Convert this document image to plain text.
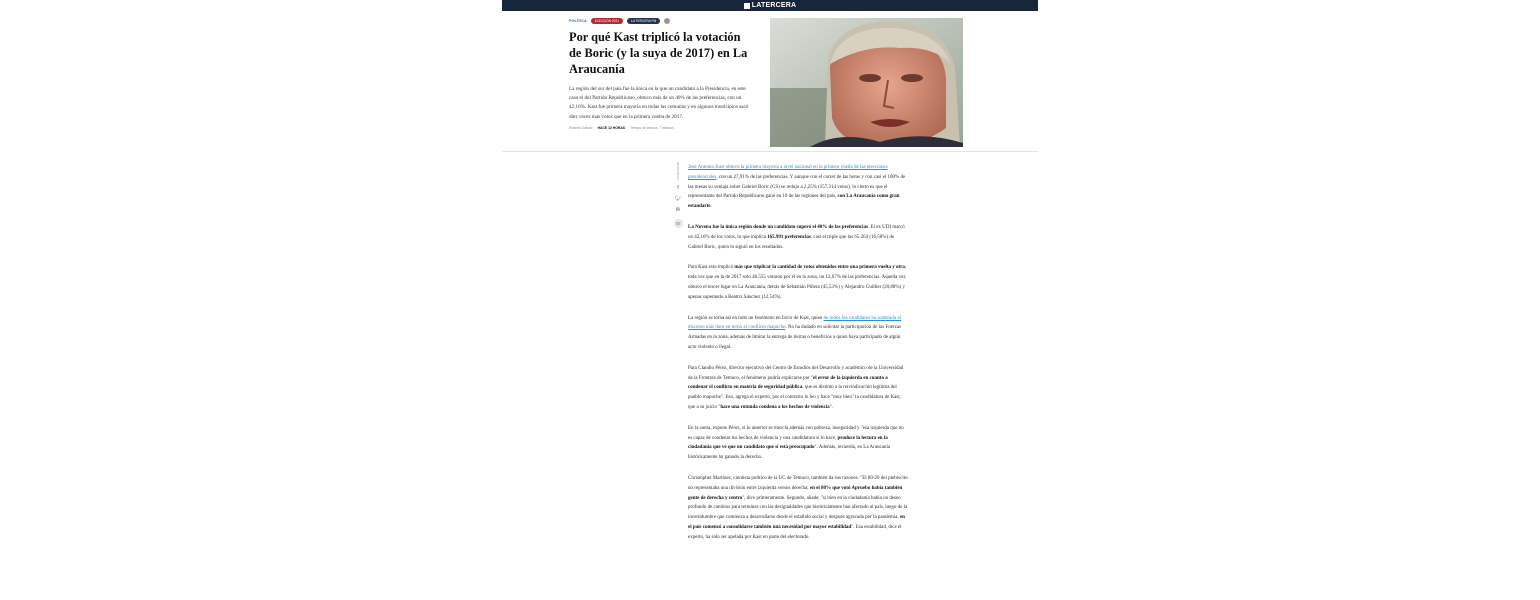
LATERCERA
POLÍTICA	ELECCIÓN 2021	LA TERCERA PM
Por qué Kast triplicó la votación de Boric (y la suya de 2017) en La Araucanía

La región del sur del país fue la única en la que un candidato a la Presidencia, en este caso el del Partido Republicano, obtuvo más de un 40% de las preferencias, con un 42,16%. Kast fue primera mayoría en todas las comunas y en algunos municipios sacó diez veces más votos que en la primera vuelta de 2017.

Roberto Gálvez HACE 12 HORAS Tiempo de lectura: 7 minutos
COMPARTIR
f
🐦︎
✉
💬︎

José Antonio Kast obtuvo la primera mayoría a nivel nacional en la primera vuelta de las elecciones presidenciales, con un 27,91% de las preferencias. Y aunque con el correr de las horas y con casi el 100% de las mesas su ventaja sobre Gabriel Boric (CS) se redujo a 2,25% (157,314 votos), lo cierto es que el representante del Partido Republicano ganó en 10 de las regiones del país, con La Araucanía como gran estandarte.

La Novena fue la única región donde un candidato superó el 40% de las preferencias. El ex UDI marcó un 42,16% de los votos, lo que implica 165.991 preferencias, casi el triple que las 65.264 (16,58%) de Gabriel Boric, quien lo siguió en los resultados.

Para Kast esto implicó más que triplicar la cantidad de votos obtenidos entre una primera vuelta y otra, toda vez que en la de 2017 solo 46.555 votaron por él en la zona, un 12,67% de las preferencias. Aquella vez obtuvo el tercer lugar en La Araucanía, detrás de Sebastián Piñera (45,53%) y Alejandro Guillier (20,88%) y apenas superando a Beatriz Sánchez (12,54%).

La región se torna así en todo un fenómeno en favor de Kast, quien de todos los candidatos ha sostenido el discurso más duro en torno al conflicto mapuche. No ha dudado en solicitar la participación de las Fuerzas Armadas en la zona, además de limitar la entrega de tierras o beneficios a quien haya participado de algún acto violento o ilegal.

Para Claudio Pérez, director ejecutivo del Centro de Estudios del Desarrollo y académico de la Universidad de la Frontera de Temuco, el fenómeno podría explicarse por "el error de la izquierda en cuanto a condenar el conflicto en materia de seguridad pública, que es distinto a la reivindicación legítima del pueblo mapuche". Eso, agrega el experto, por el contrario lo leo y hace "muy bien" la candidatura de Kast, que a su juicio "hace una rotunda condena a los hechos de violencia".

En la suma, expone Pérez, si lo anterior se mezcla además con pobreza, inseguridad y "esa izquierda que no es capaz de condenar los hechos de violencia y una candidatura sí lo hace, produce la lectura en la ciudadanía que ve que un candidato que sí está preocupado". Además, recuerda, en La Araucanía históricamente ha ganado la derecha.

Christopher Martínez, cientista político de la UC de Temuco, también da sus razones: "El 80-20 del plebiscito no representaba una división entre izquierda versus derecha; en el 80% que votó Apruebo había también gente de derecha y centro", dice primeramente. Segundo, añade, "si bien en la ciudadanía había un deseo profundo de cambios para terminar con las desigualdades que históricamente han afectado al país, luego de la incertidumbre que comienza a desarrollarse desde el estallido social y después agravada por la pandemia, en el país comenzó a consolidarse también una necesidad por mayor estabilidad". Esa estabilidad, dice el experto, ha sido ser apelada por Kast en parte del electorado.
